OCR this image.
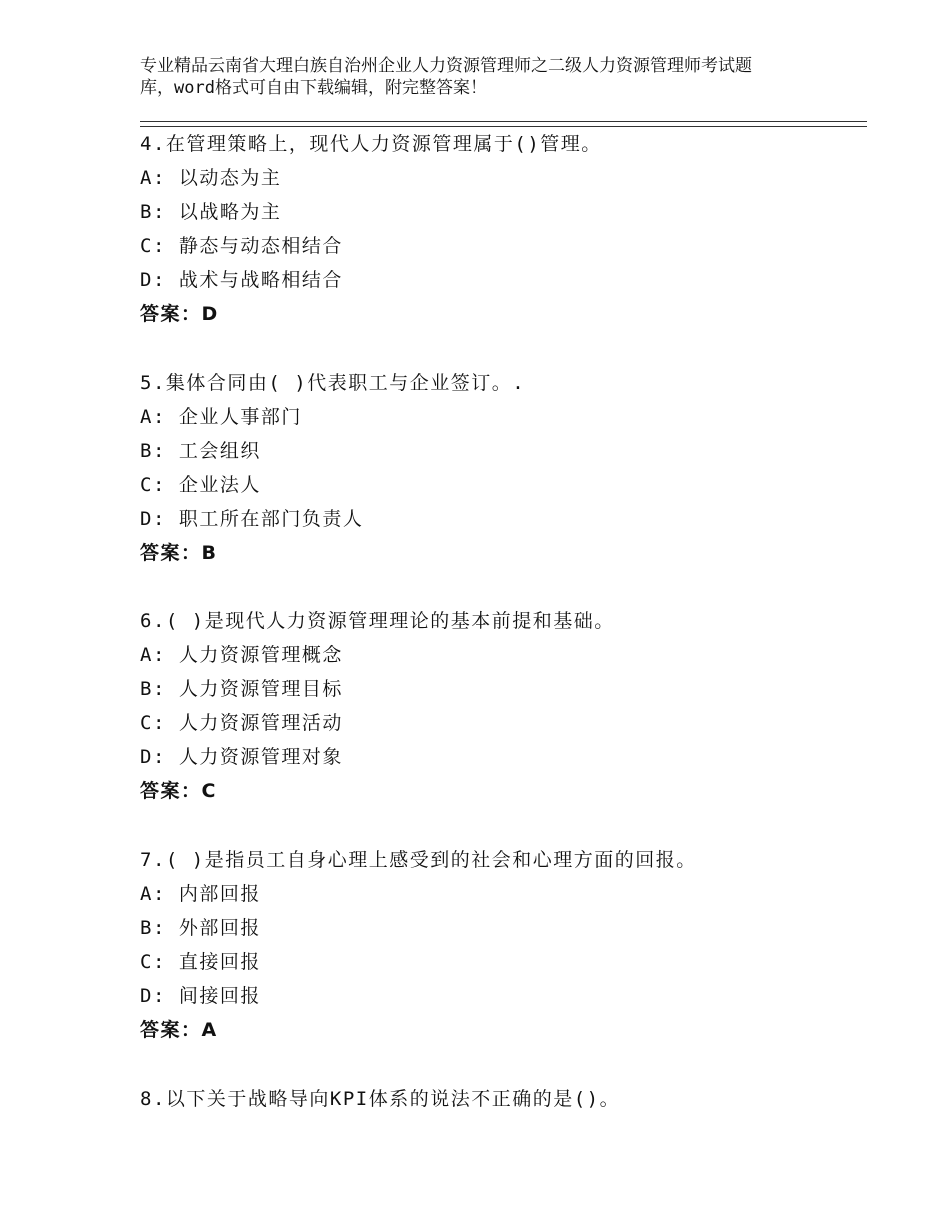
专业精品云南省大理白族自治州企业人力资源管理师之二级人力资源管理师考试题
库，word格式可自由下载编辑，附完整答案！
4.在管理策略上，现代人力资源管理属于()管理。
A: 以动态为主
B: 以战略为主
C: 静态与动态相结合
D: 战术与战略相结合
答案：D
5.集体合同由( )代表职工与企业签订。.
A: 企业人事部门
B: 工会组织
C: 企业法人
D: 职工所在部门负责人
答案：B
6.( )是现代人力资源管理理论的基本前提和基础。
A: 人力资源管理概念
B: 人力资源管理目标
C: 人力资源管理活动
D: 人力资源管理对象
答案：C
7.( )是指员工自身心理上感受到的社会和心理方面的回报。
A: 内部回报
B: 外部回报
C: 直接回报
D: 间接回报
答案：A
8.以下关于战略导向KPI体系的说法不正确的是()。
